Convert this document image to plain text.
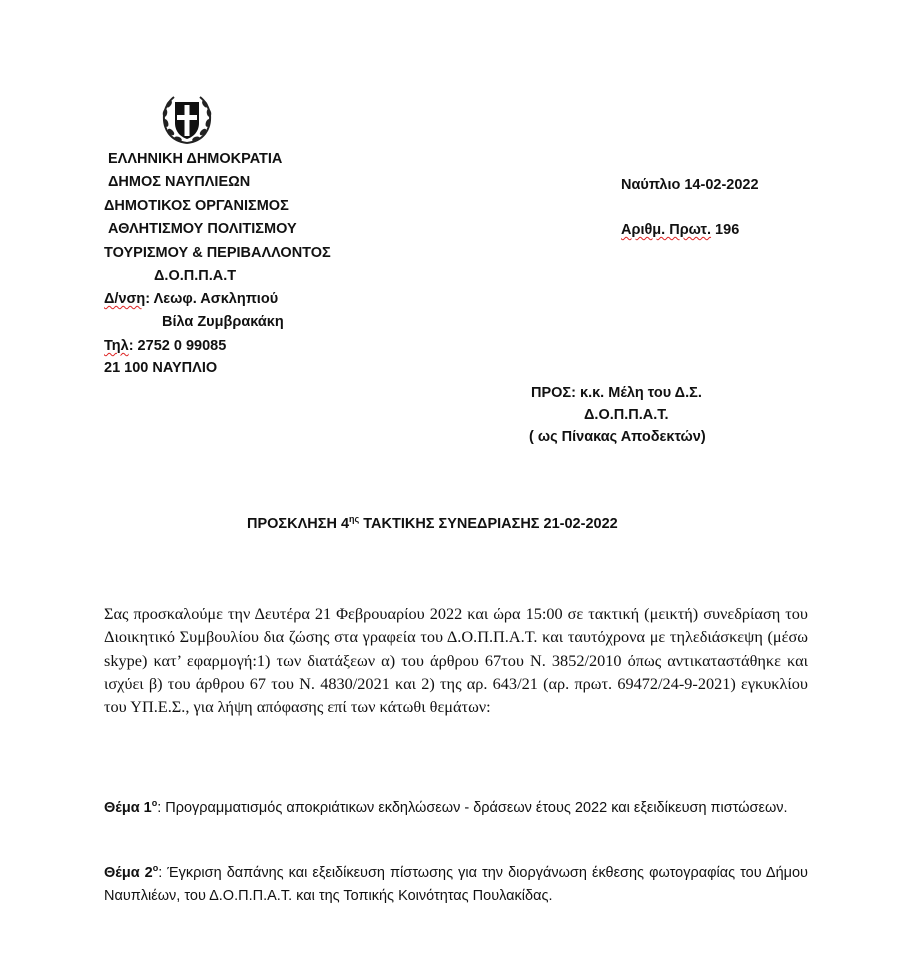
ΕΛΛΗΝΙΚΗ ΔΗΜΟΚΡΑΤΙΑ
ΔΗΜΟΣ ΝΑΥΠΛΙΕΩΝ
ΔΗΜΟΤΙΚΟΣ ΟΡΓΑΝΙΣΜΟΣ
ΑΘΛΗΤΙΣΜΟΥ ΠΟΛΙΤΙΣΜΟΥ
ΤΟΥΡΙΣΜΟΥ & ΠΕΡΙΒΑΛΛΟΝΤΟΣ
Δ.Ο.Π.Π.Α.Τ
Δ/νση: Λεωφ. Ασκληπιού
Βίλα Ζυμβρακάκη
Τηλ: 2752 0 99085
21 100 ΝΑΥΠΛΙΟ
Ναύπλιο 14-02-2022
Αριθμ. Πρωτ. 196
ΠΡΟΣ: κ.κ. Μέλη του Δ.Σ.
Δ.Ο.Π.Π.Α.Τ.
( ως Πίνακας Αποδεκτών)
ΠΡΟΣΚΛΗΣΗ $4^{\eta\varsigma}$ ΤΑΚΤΙΚΗΣ ΣΥΝΕΔΡΙΑΣΗΣ 21-02-2022
Σας προσκαλούμε την Δευτέρα 21 Φεβρουαρίου 2022 και ώρα 15:00 σε τακτική (μεικτή) συνεδρίαση του Διοικητικό Συμβουλίου δια ζώσης στα γραφεία του Δ.Ο.Π.Π.Α.Τ. και ταυτόχρονα με τηλεδιάσκεψη (μέσω skype) κατ’ εφαρμογή:1) των διατάξεων α) του άρθρου 67του Ν. 3852/2010 όπως αντικαταστάθηκε και ισχύει β) του άρθρου 67 του Ν. 4830/2021 και 2) της αρ. 643/21 (αρ. πρωτ. 69472/24-9-2021) εγκυκλίου του ΥΠ.Ε.Σ., για λήψη απόφασης επί των κάτωθι θεμάτων:
Θέμα $1^o$: Προγραμματισμός αποκριάτικων εκδηλώσεων - δράσεων έτους 2022 και εξειδίκευση πιστώσεων.
Θέμα $2^o$: Έγκριση δαπάνης και εξειδίκευση πίστωσης για την διοργάνωση έκθεσης φωτογραφίας του Δήμου Ναυπλιέων, του Δ.Ο.Π.Π.Α.Τ. και της Τοπικής Κοινότητας Πουλακίδας.
